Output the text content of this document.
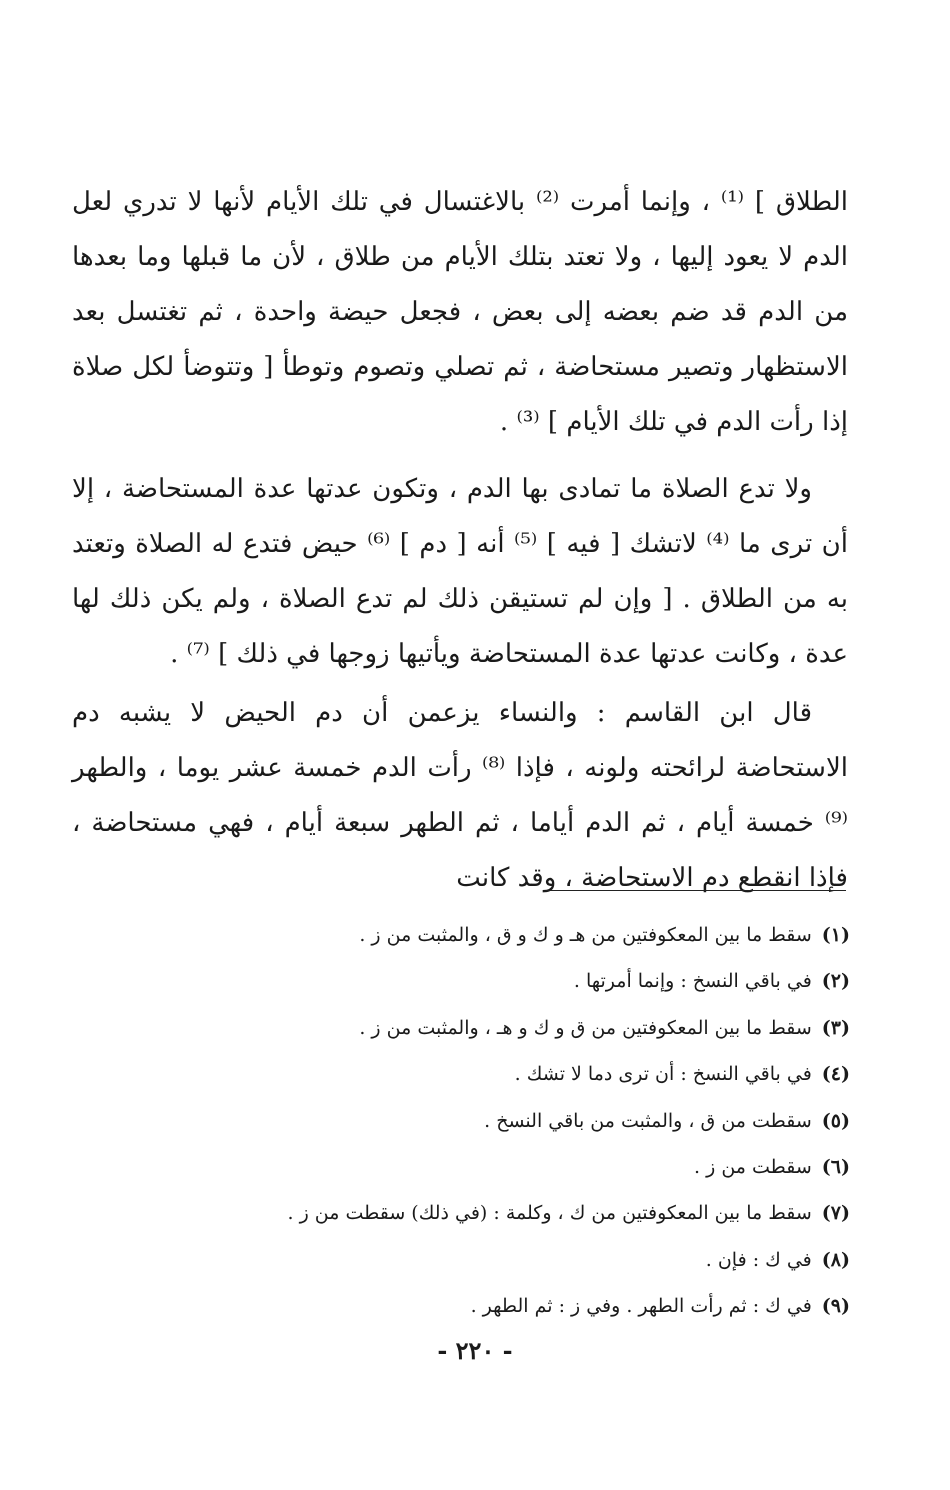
الطلاق ] ⁽¹⁾ ، وإنما أمرت ⁽²⁾ بالاغتسال في تلك الأيام لأنها لا تدري لعل الدم لا يعود إليها ، ولا تعتد بتلك الأيام من طلاق ، لأن ما قبلها وما بعدها من الدم قد ضم بعضه إلى بعض ، فجعل حيضة واحدة ، ثم تغتسل بعد الاستظهار وتصير مستحاضة ، ثم تصلي وتصوم وتوطأ [ وتتوضأ لكل صلاة إذا رأت الدم في تلك الأيام ] ⁽³⁾ .

ولا تدع الصلاة ما تمادى بها الدم ، وتكون عدتها عدة المستحاضة ، إلا أن ترى ما ⁽⁴⁾ لاتشك [ فيه ] ⁽⁵⁾ أنه [ دم ] ⁽⁶⁾ حيض فتدع له الصلاة وتعتد به من الطلاق . [ وإن لم تستيقن ذلك لم تدع الصلاة ، ولم يكن ذلك لها عدة ، وكانت عدتها عدة المستحاضة ويأتيها زوجها في ذلك ] ⁽⁷⁾ .

قال ابن القاسم : والنساء يزعمن أن دم الحيض لا يشبه دم الاستحاضة لرائحته ولونه ، فإذا ⁽⁸⁾ رأت الدم خمسة عشر يوما ، والطهر ⁽⁹⁾ خمسة أيام ، ثم الدم أياما ، ثم الطهر سبعة أيام ، فهي مستحاضة ، فإذا انقطع دم الاستحاضة ، وقد كانت

(١)سقط ما بين المعكوفتين من هـ و ك و ق ، والمثبت من ز .
(٢)في باقي النسخ : وإنما أمرتها .
(٣)سقط ما بين المعكوفتين من ق و ك و هـ ، والمثبت من ز .
(٤)في باقي النسخ : أن ترى دما لا تشك .
(٥)سقطت من ق ، والمثبت من باقي النسخ .
(٦)سقطت من ز .
(٧)سقط ما بين المعكوفتين من ك ، وكلمة : (في ذلك) سقطت من ز .
(٨)في ك : فإن .
(٩)في ك : ثم رأت الطهر . وفي ز : ثم الطهر .
- ٢٢٠ -
